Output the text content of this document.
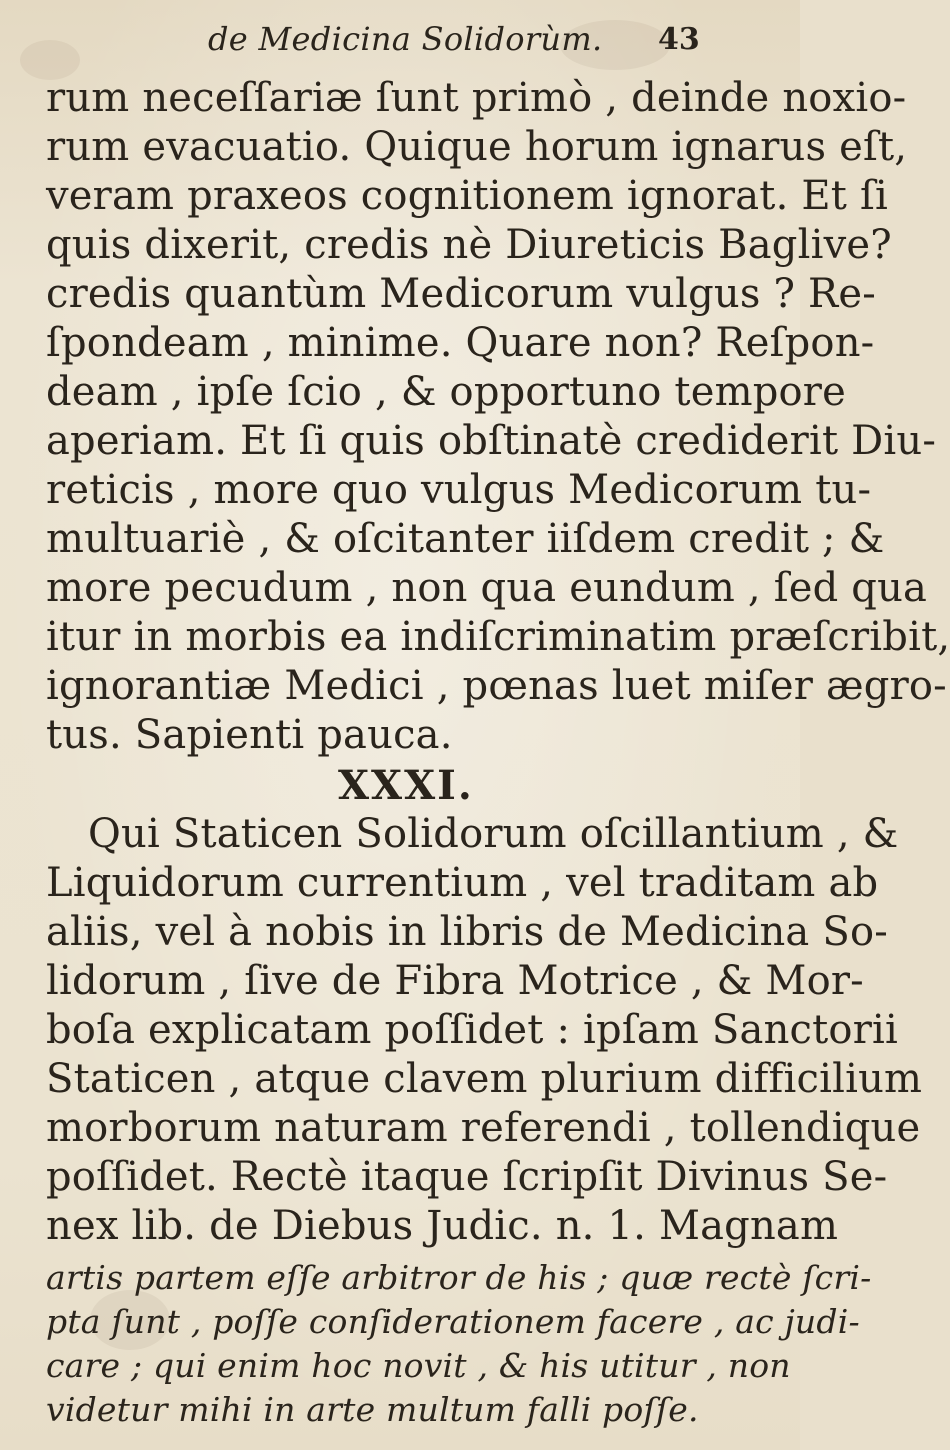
de Medicina Solidorùm. 43
rum neceſſariæ ſunt primò , deinde noxio-
rum evacuatio. Quique horum ignarus eſt,
veram praxeos cognitionem ignorat. Et ſi
quis dixerit, credis nè Diureticis Baglive?
credis quantùm Medicorum vulgus ? Re-
ſpondeam , minime. Quare non? Reſpon-
deam , ipſe ſcio , & opportuno tempore
aperiam. Et ſi quis obſtinatè crediderit Diu-
reticis , more quo vulgus Medicorum tu-
multuariè , & oſcitanter iiſdem credit ; &
more pecudum , non qua eundum , ſed qua
itur in morbis ea indiſcriminatim præſcribit,
ignorantiæ Medici , pœnas luet miſer ægro-
tus. Sapienti pauca.
XXXI.
Qui Staticen Solidorum oſcillantium , &
Liquidorum currentium , vel traditam ab
aliis, vel à nobis in libris de Medicina So-
lidorum , ſive de Fibra Motrice , & Mor-
boſa explicatam poſſidet : ipſam Sanctorii
Staticen , atque clavem plurium difficilium
morborum naturam referendi , tollendique
poſſidet. Rectè itaque ſcripſit Divinus Se-
nex lib. de Diebus Judic. n. 1. Magnam
artis partem eſſe arbitror de his ; quæ rectè ſcri-
pta ſunt , poſſe conſiderationem facere , ac judi-
care ; qui enim hoc novit , & his utitur , non
videtur mihi in arte multum falli poſſe.
